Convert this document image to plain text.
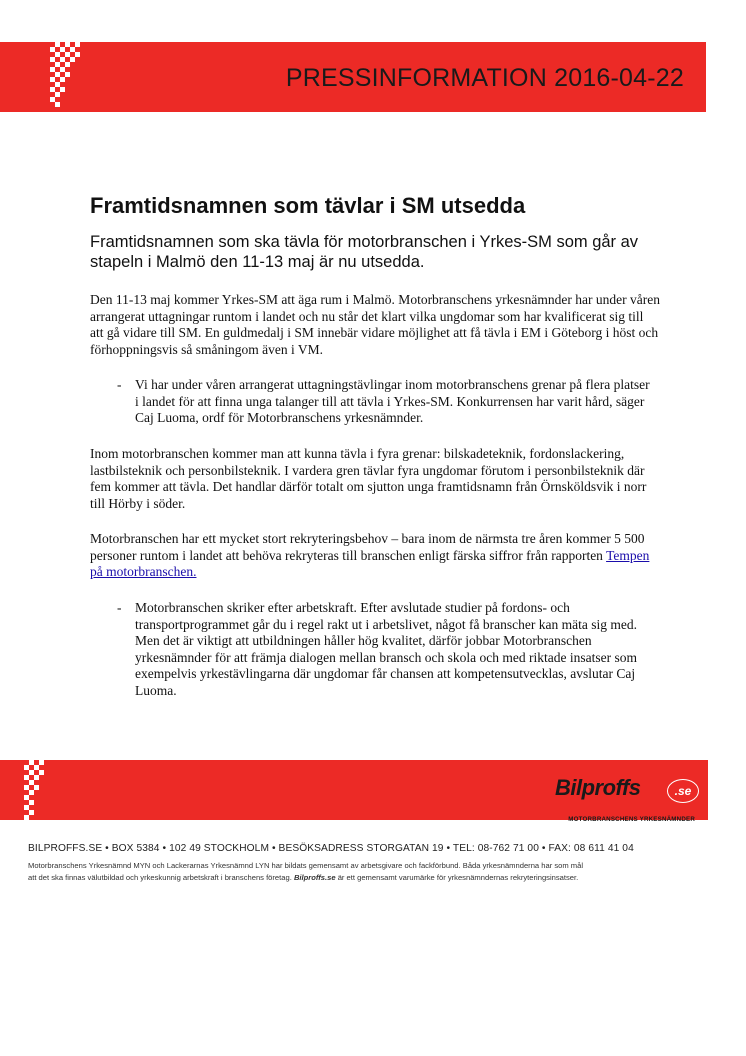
PRESSINFORMATION 2016-04-22
Framtidsnamnen som tävlar i SM utsedda
Framtidsnamnen som ska tävla för motorbranschen i Yrkes-SM som går av stapeln i Malmö den 11-13 maj är nu utsedda.
Den 11-13 maj kommer Yrkes-SM att äga rum i Malmö. Motorbranschens yrkesnämnder har under våren arrangerat uttagningar runtom i landet och nu står det klart vilka ungdomar som har kvalificerat sig till att gå vidare till SM. En guldmedalj i SM innebär vidare möjlighet att få tävla i EM i Göteborg i höst och förhoppningsvis så småningom även i VM.
- Vi har under våren arrangerat uttagningstävlingar inom motorbranschens grenar på flera platser i landet för att finna unga talanger till att tävla i Yrkes-SM. Konkurrensen har varit hård, säger Caj Luoma, ordf för Motorbranschens yrkesnämnder.
Inom motorbranschen kommer man att kunna tävla i fyra grenar: bilskadeteknik, fordonslackering, lastbilsteknik och personbilsteknik. I vardera gren tävlar fyra ungdomar förutom i personbilsteknik där fem kommer att tävla. Det handlar därför totalt om sjutton unga framtidsnamn från Örnsköldsvik i norr till Hörby i söder.
Motorbranschen har ett mycket stort rekryteringsbehov – bara inom de närmsta tre åren kommer 5 500 personer runtom i landet att behöva rekryteras till branschen enligt färska siffror från rapporten Tempen på motorbranschen.
- Motorbranschen skriker efter arbetskraft. Efter avslutade studier på fordons- och transportprogrammet går du i regel rakt ut i arbetslivet, något få branscher kan mäta sig med. Men det är viktigt att utbildningen håller hög kvalitet, därför jobbar Motorbranschen yrkesnämnder för att främja dialogen mellan bransch och skola och med riktade insatser som exempelvis yrkestävlingarna där ungdomar får chansen att kompetensutvecklas, avslutar Caj Luoma.
Bilproffs	.se
MOTORBRANSCHENS YRKESNÄMNDER
BILPROFFS.SE • BOX 5384 • 102 49 STOCKHOLM • BESÖKSADRESS STORGATAN 19 • TEL: 08-762 71 00 • FAX: 08 611 41 04
Motorbranschens Yrkesnämnd MYN och Lackerarnas Yrkesnämnd LYN har bildats gemensamt av arbetsgivare och fackförbund. Båda yrkesnämnderna har som mål
att det ska finnas välutbildad och yrkeskunnig arbetskraft i branschens företag. Bilproffs.se är ett gemensamt varumärke för yrkesnämndernas rekryteringsinsatser.
